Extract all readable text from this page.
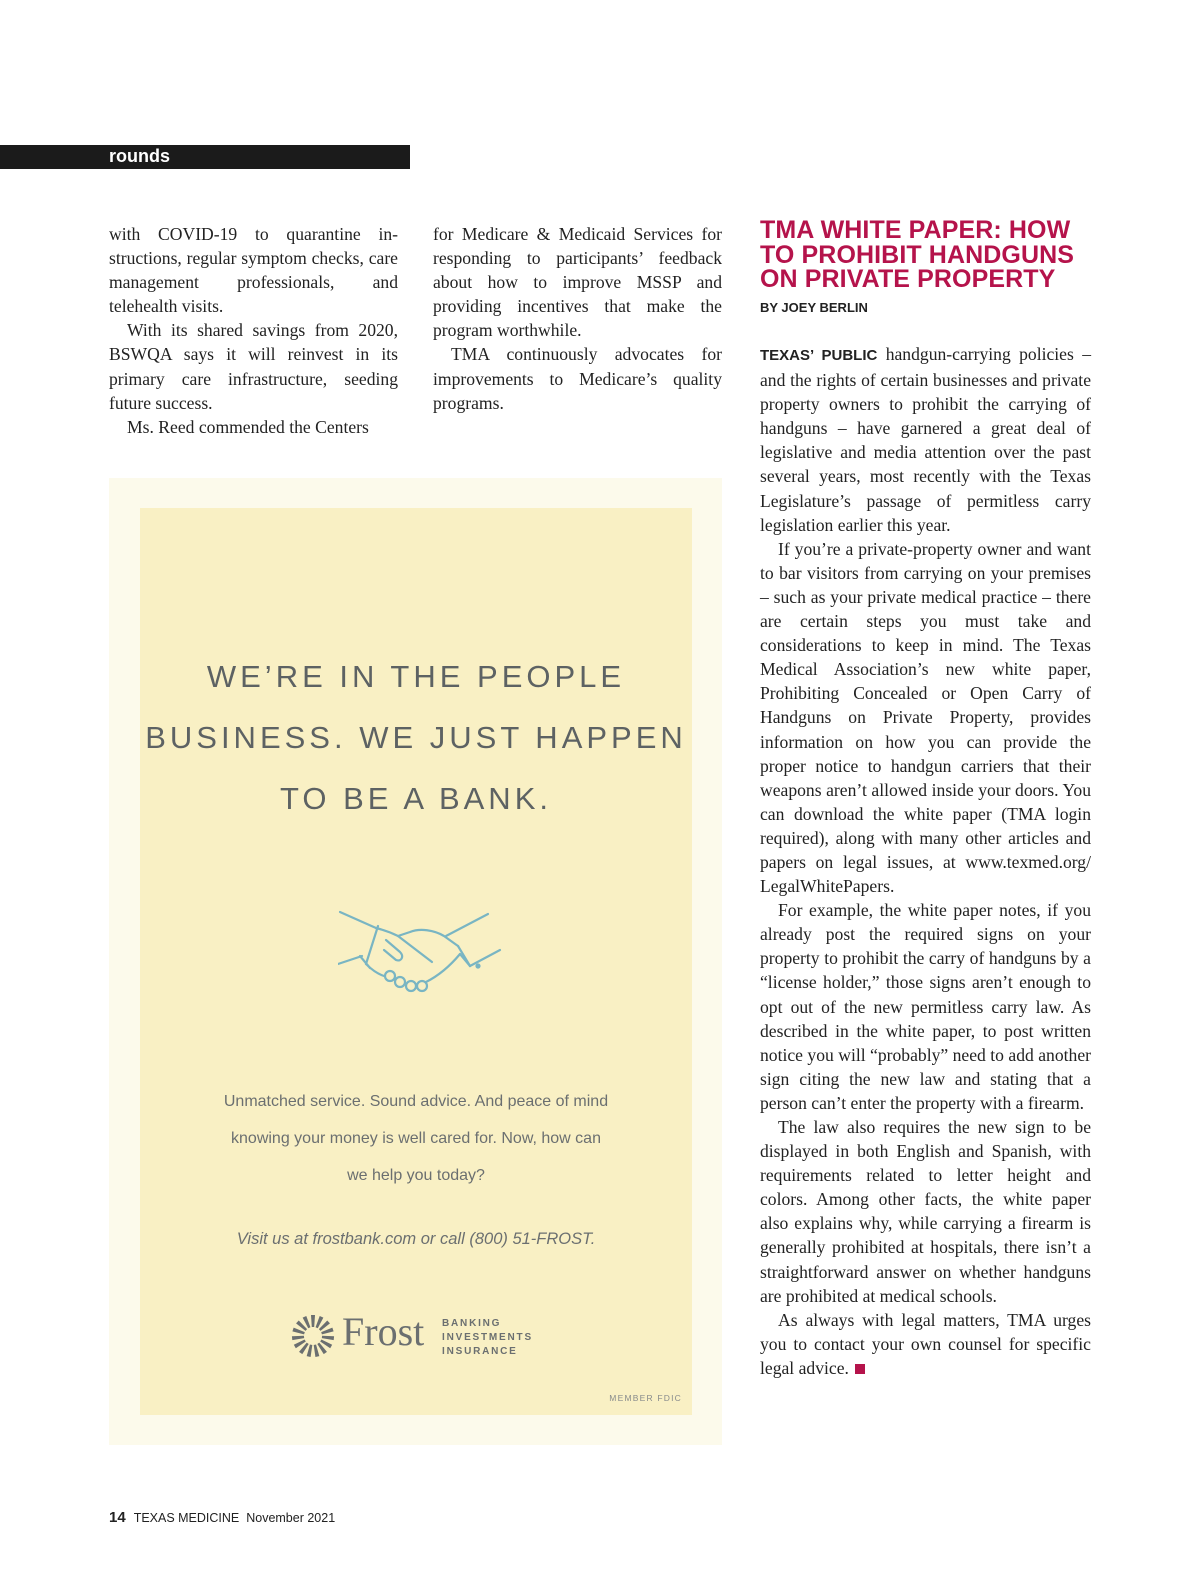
rounds

with COVID-19 to quarantine instructions, regular symptom checks, care management professionals, and telehealth visits.

With its shared savings from 2020, BSWQA says it will reinvest in its primary care infrastructure, seeding future success.

Ms. Reed commended the Centers

for Medicare & Medicaid Services for responding to participants’ feedback about how to improve MSSP and providing incentives that make the program worthwhile.

TMA continuously advocates for improvements to Medicare’s quality programs.

TMA WHITE PAPER: HOW TO PROHIBIT HANDGUNS ON PRIVATE PROPERTY
BY JOEY BERLIN

TEXAS’ PUBLIC handgun-carrying policies – and the rights of certain businesses and private property owners to prohibit the carrying of handguns – have garnered a great deal of legislative and media attention over the past several years, most recently with the Texas Legislature’s passage of permitless carry legislation earlier this year.

If you’re a private-property owner and want to bar visitors from carrying on your premises – such as your private medical practice – there are certain steps you must take and considerations to keep in mind. The Texas Medical Association’s new white paper, Prohibiting Concealed or Open Carry of Handguns on Private Property, provides information on how you can provide the proper notice to handgun carriers that their weapons aren’t allowed inside your doors. You can download the white paper (TMA login required), along with many other articles and papers on legal issues, at www.texmed.org/ LegalWhitePapers.

For example, the white paper notes, if you already post the required signs on your property to prohibit the carry of handguns by a “license holder,” those signs aren’t enough to opt out of the new permitless carry law. As described in the white paper, to post written notice you will “probably” need to add another sign citing the new law and stating that a person can’t enter the property with a firearm.

The law also requires the new sign to be displayed in both English and Spanish, with requirements related to letter height and colors. Among other facts, the white paper also explains why, while carrying a firearm is generally prohibited at hospitals, there isn’t a straightforward answer on whether handguns are prohibited at medical schools.

As always with legal matters, TMA urges you to contact your own counsel for specific legal advice.

WE’RE IN THE PEOPLE
BUSINESS. WE JUST HAPPEN
TO BE A BANK.
Unmatched service. Sound advice. And peace of mind
knowing your money is well cared for. Now, how can
we help you today?
Visit us at frostbank.com or call (800) 51-FROST.
Frost BANKING
INVESTMENTS
INSURANCE
MEMBER FDIC
14 TEXAS MEDICINE November 2021
